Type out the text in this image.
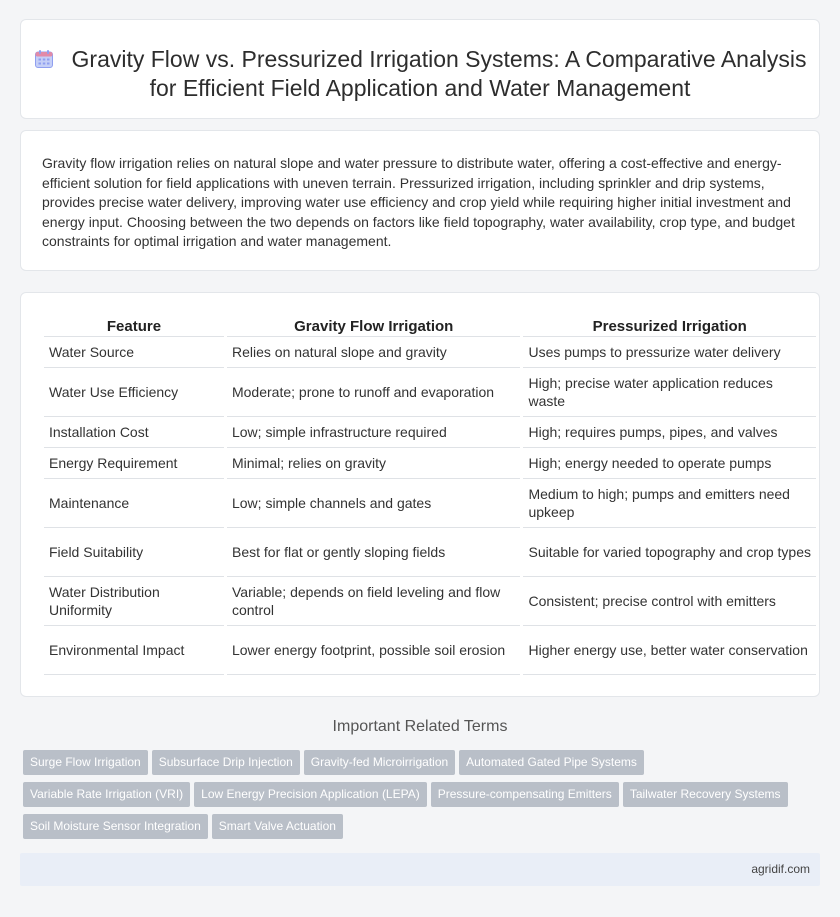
Gravity Flow vs. Pressurized Irrigation Systems: A Comparative Analysis for Efficient Field Application and Water Management

Gravity flow irrigation relies on natural slope and water pressure to distribute water, offering a cost-effective and energy-efficient solution for field applications with uneven terrain. Pressurized irrigation, including sprinkler and drip systems, provides precise water delivery, improving water use efficiency and crop yield while requiring higher initial investment and energy input. Choosing between the two depends on factors like field topography, water availability, crop type, and budget constraints for optimal irrigation and water management.

Feature	Gravity Flow Irrigation	Pressurized Irrigation
Water Source	Relies on natural slope and gravity	Uses pumps to pressurize water delivery
Water Use Efficiency	Moderate; prone to runoff and evaporation	High; precise water application reduces waste
Installation Cost	Low; simple infrastructure required	High; requires pumps, pipes, and valves
Energy Requirement	Minimal; relies on gravity	High; energy needed to operate pumps
Maintenance	Low; simple channels and gates	Medium to high; pumps and emitters need upkeep
Field Suitability	Best for flat or gently sloping fields	Suitable for varied topography and crop types
Water Distribution Uniformity	Variable; depends on field leveling and flow control	Consistent; precise control with emitters
Environmental Impact	Lower energy footprint, possible soil erosion	Higher energy use, better water conservation
Important Related Terms
Surge Flow Irrigation Subsurface Drip Injection Gravity-fed Microirrigation Automated Gated Pipe Systems
Variable Rate Irrigation (VRI) Low Energy Precision Application (LEPA) Pressure-compensating Emitters Tailwater Recovery Systems
Soil Moisture Sensor Integration Smart Valve Actuation
agridif.com
